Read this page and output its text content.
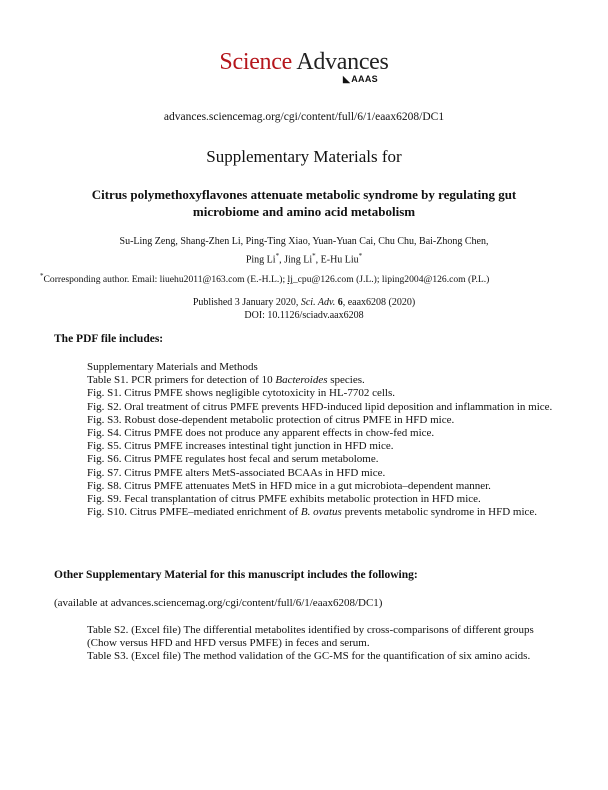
Science Advances
◣AAAS
advances.sciencemag.org/cgi/content/full/6/1/eaax6208/DC1
Supplementary Materials for
Citrus polymethoxyflavones attenuate metabolic syndrome by regulating gut microbiome and amino acid metabolism
Su-Ling Zeng, Shang-Zhen Li, Ping-Ting Xiao, Yuan-Yuan Cai, Chu Chu, Bai-Zhong Chen,
Ping Li*, Jing Li*, E-Hu Liu*
*Corresponding author. Email: liuehu2011@163.com (E.-H.L.); lj_cpu@126.com (J.L.); liping2004@126.com (P.L.)
Published 3 January 2020, Sci. Adv. 6, eaax6208 (2020)
DOI: 10.1126/sciadv.aax6208
The PDF file includes:
Supplementary Materials and Methods
Table S1. PCR primers for detection of 10 Bacteroides species.
Fig. S1. Citrus PMFE shows negligible cytotoxicity in HL-7702 cells.
Fig. S2. Oral treatment of citrus PMFE prevents HFD-induced lipid deposition and inflammation in mice.
Fig. S3. Robust dose-dependent metabolic protection of citrus PMFE in HFD mice.
Fig. S4. Citrus PMFE does not produce any apparent effects in chow-fed mice.
Fig. S5. Citrus PMFE increases intestinal tight junction in HFD mice.
Fig. S6. Citrus PMFE regulates host fecal and serum metabolome.
Fig. S7. Citrus PMFE alters MetS-associated BCAAs in HFD mice.
Fig. S8. Citrus PMFE attenuates MetS in HFD mice in a gut microbiota–dependent manner.
Fig. S9. Fecal transplantation of citrus PMFE exhibits metabolic protection in HFD mice.
Fig. S10. Citrus PMFE–mediated enrichment of B. ovatus prevents metabolic syndrome in HFD mice.
Other Supplementary Material for this manuscript includes the following:
(available at advances.sciencemag.org/cgi/content/full/6/1/eaax6208/DC1)
Table S2. (Excel file) The differential metabolites identified by cross-comparisons of different groups (Chow versus HFD and HFD versus PMFE) in feces and serum.
Table S3. (Excel file) The method validation of the GC-MS for the quantification of six amino acids.
